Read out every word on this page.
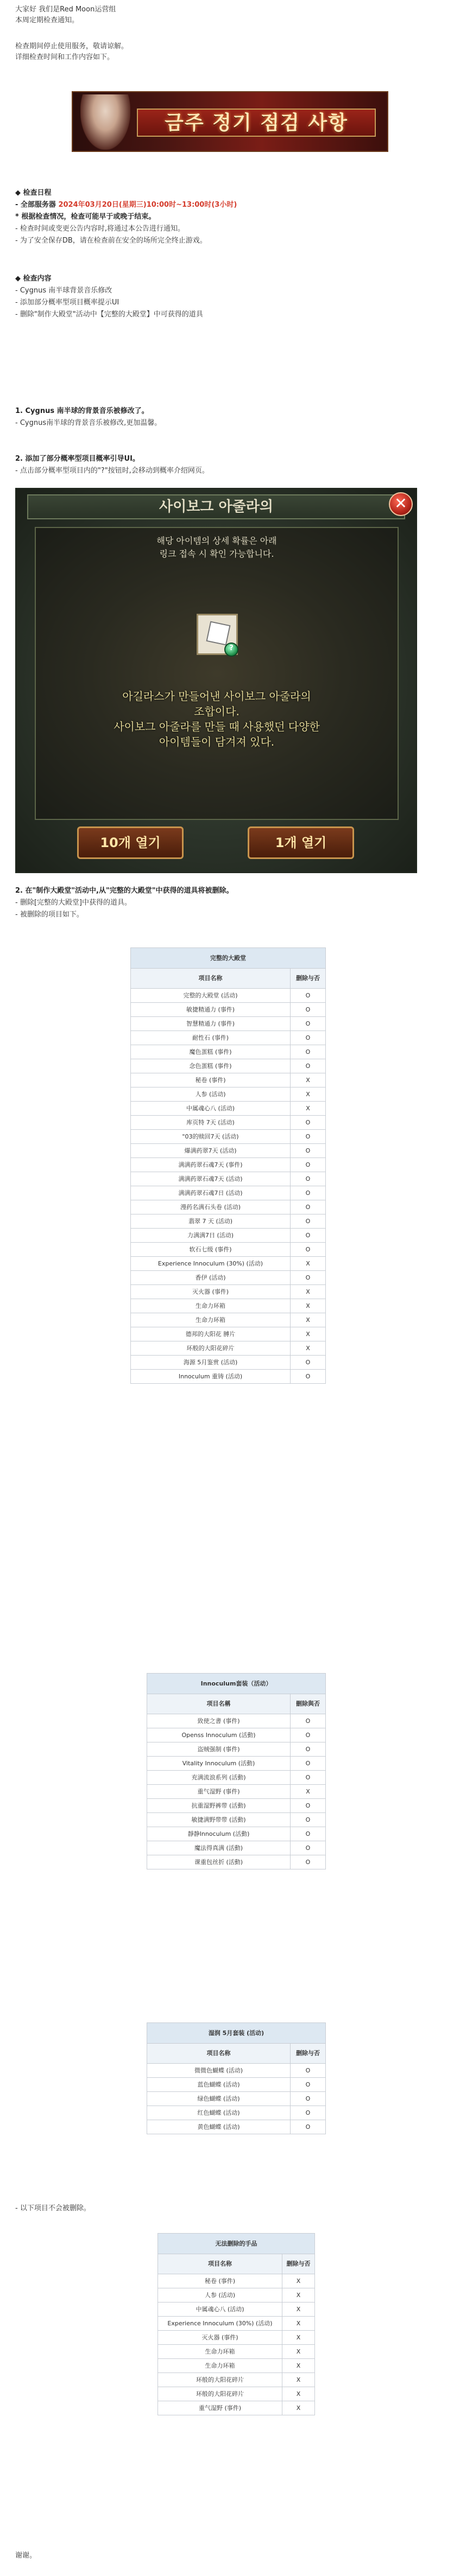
大家好 我们是Red Moon运营组
本周定期检查通知。
检查期间停止使用服务，敬请谅解。
详细检查时间和工作内容如下。
금주 정기 점검 사항
◆ 检查日程
- 全部服务器 2024年03月20日(星期三)10:00时~13:00时(3小时)
* 根据检查情况，检查可能早于或晚于结束。
- 检查时间或变更公告内容时,将通过本公告进行通知。
- 为了安全保存DB，请在检查前在安全的场所完全终止游戏。
◆ 检查内容
- Cygnus 南半球背景音乐修改
- 添加部分概率型项目概率提示UI
- 删除"制作大殿堂"活动中【完整的大殿堂】中可获得的道具
1. Cygnus 南半球的背景音乐被修改了。
- Cygnus南半球的背景音乐被修改,更加温馨。
2. 添加了部分概率型项目概率引导UI。
- 点击部分概率型项目内的"?"按钮时,会移动到概率介绍网页。
사이보그 아줄라의	✕
해당 아이템의 상세 확률은 아래
링크 접속 시 확인 가능합니다.
?
아길라스가 만들어낸 사이보그 아줄라의
조합이다.
사이보그 아줄라를 만들 때 사용했던 다양한
아이템들이 담겨져 있다.
10개 열기	1개 열기
2. 在"制作大殿堂"活动中,从"完整的大殿堂"中获得的道具将被删除。
- 删除[完整的大殿堂]中获得的道具。
- 被删除的项目如下。
完整的大殿堂	
项目名称	删除与否
完整的大殿堂 (活动)	O
敏捷精通力 (事件)	O
智慧精通力 (事件)	O
耐性石 (事件)	O
魔色蛋糕 (事件)	O
念色蛋糕 (事件)	O
秘卷 (事件)	X
人参 (活动)	X
中属魂心八 (活动)	X
库页特 7天 (活动)	O
"03的赎回7天 (活动)	O
爆满药翠7天 (活动)	O
满满药翠石魂7天 (事件)	O
满满药翠石魂7天 (活动)	O
满满药翠石魂7日 (活动)	O
漫药名满石头卷 (活动)	O
翡翠 7 天 (活动)	O
力满满7日 (活动)	O
软石七级 (事件)	O
Experience Innoculum (30%) (活动)	X
香伊 (活动)	O
灭火器 (事件)	X
生命力环箱	X
生命力环箱	X
德邦的大阳花 膊片	X
环般的大阳花碎片	X
海源 5月鉴赏 (活动)	O
Innoculum 重铸 (活动)	O
Innoculum套装（活动）	
项目名稱	刪除與否
致使之書 (事件)	O
Openss Innoculum (活動)	O
盗贼强制 (事件)	O
Vitality Innoculum (活動)	O
充满流浪系列 (活動)	O
重气湿野 (事件)	X
抗重湿野裤带 (活動)	O
敏捷满野带带 (活動)	O
靜静Innoculum (活動)	O
魔法得真满 (活動)	O
课重包丝折 (活動)	O
湿润 5月套装 (活动)	
项目名称	删除与否
微微色蝴蝶 (活动)	O
蓝色蝴蝶 (活动)	O
绿色蝴蝶 (活动)	O
红色蝴蝶 (活动)	O
黄色蝴蝶 (活动)	O
- 以下项目不会被删除。
无法删除的手品	
项目名称	删除与否
秘卷 (事件)	X
人参 (活动)	X
中属魂心八 (活动)	X
Experience Innoculum (30%) (活动)	X
灭火器 (事件)	X
生命力环箱	X
生命力环箱	X
环般的大阳花碎片	X
环般的大阳花碎片	X
重气湿野 (事件)	X
谢谢。
